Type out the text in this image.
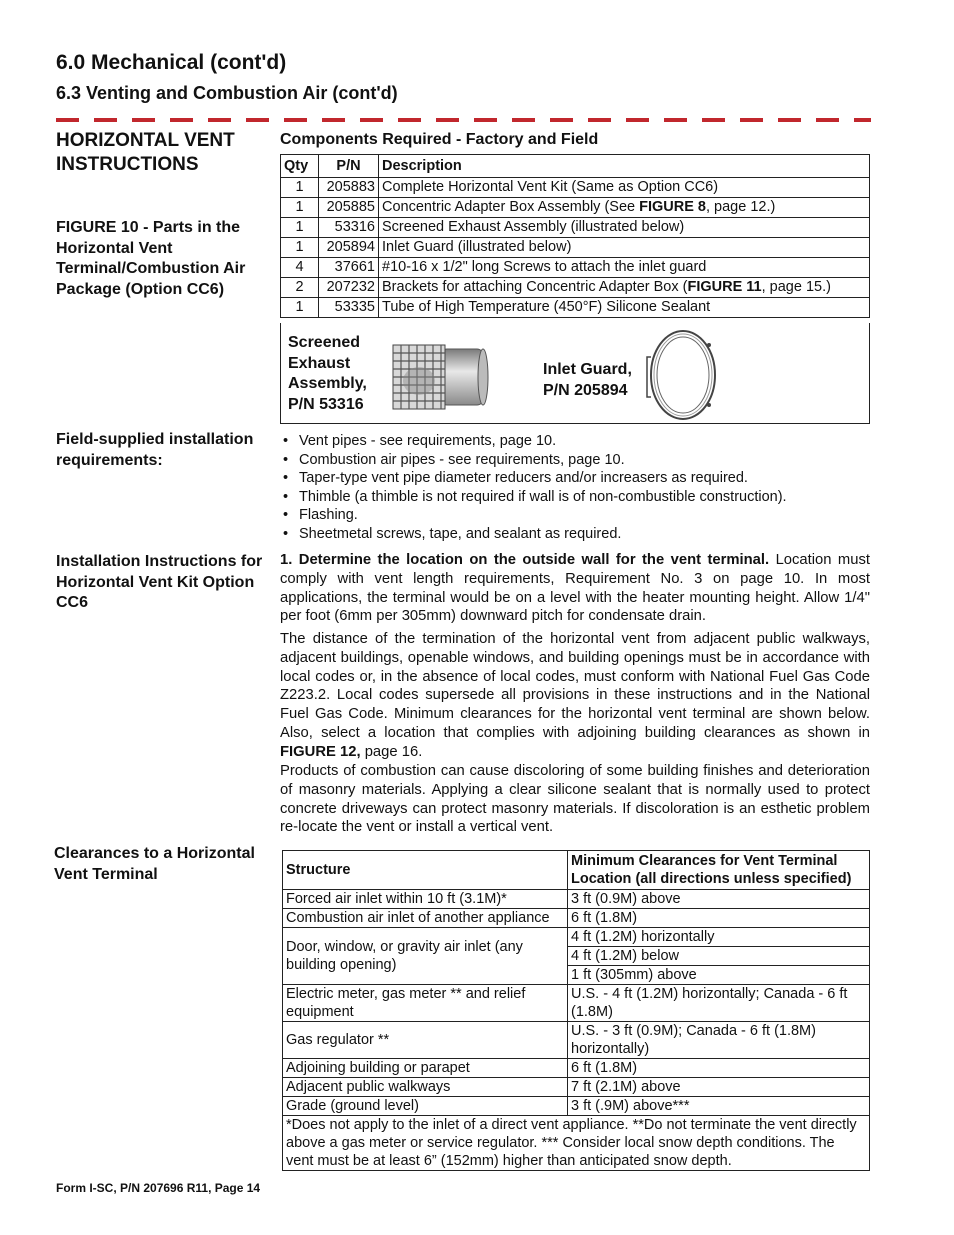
6.0 Mechanical (cont'd)
6.3 Venting and Combustion Air (cont'd)
HORIZONTAL VENT INSTRUCTIONS
FIGURE 10 - Parts in the Horizontal Vent Terminal/Combustion Air Package (Option CC6)
Field-supplied installation requirements:
Installation Instructions for Horizontal Vent Kit Option CC6
Clearances to a Horizontal Vent Terminal
Components Required - Factory and Field
Qty	P/N	Description
1	205883	Complete Horizontal Vent Kit (Same as Option CC6)
1	205885	Concentric Adapter Box Assembly (See FIGURE 8, page 12.)
1	53316	Screened Exhaust Assembly (illustrated below)
1	205894	Inlet Guard (illustrated below)
4	37661	#10-16 x 1/2" long Screws to attach the inlet guard
2	207232	Brackets for attaching Concentric Adapter Box (FIGURE 11, page 15.)
1	53335	Tube of High Temperature (450°F) Silicone Sealant
Screened Exhaust Assembly, P/N 53316
Inlet Guard, P/N 205894
• Vent pipes - see requirements, page 10.
• Combustion air pipes - see requirements, page 10.
• Taper-type vent pipe diameter reducers and/or increasers as required.
• Thimble (a thimble is not required if wall is of non-combustible construction).
• Flashing.
• Sheetmetal screws, tape, and sealant as required.

1. Determine the location on the outside wall for the vent terminal. Location must comply with vent length requirements, Requirement No. 3 on page 10. In most applications, the terminal would be on a level with the heater mounting height. Allow 1/4" per foot (6mm per 305mm) downward pitch for condensate drain.

The distance of the termination of the horizontal vent from adjacent public walkways, adjacent buildings, openable windows, and building openings must be in accordance with local codes or, in the absence of local codes, must conform with National Fuel Gas Code Z223.2. Local codes supersede all provisions in these instructions and in the National Fuel Gas Code. Minimum clearances for the horizontal vent terminal are shown below. Also, select a location that complies with adjoining building clearances as shown in FIGURE 12, page 16.

Products of combustion can cause discoloring of some building finishes and deterioration of masonry materials. Applying a clear silicone sealant that is normally used to protect concrete driveways can protect masonry materials. If discoloration is an esthetic problem re-locate the vent or install a vertical vent.

Structure	Minimum Clearances for Vent Terminal Location (all directions unless specified)
Forced air inlet within 10 ft (3.1M)*	3 ft (0.9M) above
Combustion air inlet of another appliance	6 ft (1.8M)
Door, window, or gravity air inlet (any building opening)	4 ft (1.2M) horizontally
	4 ft (1.2M) below
	1 ft (305mm) above
Electric meter, gas meter ** and relief equipment	U.S. - 4 ft (1.2M) horizontally; Canada - 6 ft (1.8M)
Gas regulator **	U.S. - 3 ft (0.9M); Canada - 6 ft (1.8M) horizontally)
Adjoining building or parapet	6 ft (1.8M)
Adjacent public walkways	7 ft (2.1M) above
Grade (ground level)	3 ft (.9M) above***
*Does not apply to the inlet of a direct vent appliance. **Do not terminate the vent directly above a gas meter or service regulator. *** Consider local snow depth conditions. The vent must be at least 6” (152mm) higher than anticipated snow depth.	
Form I-SC, P/N 207696 R11, Page 14
